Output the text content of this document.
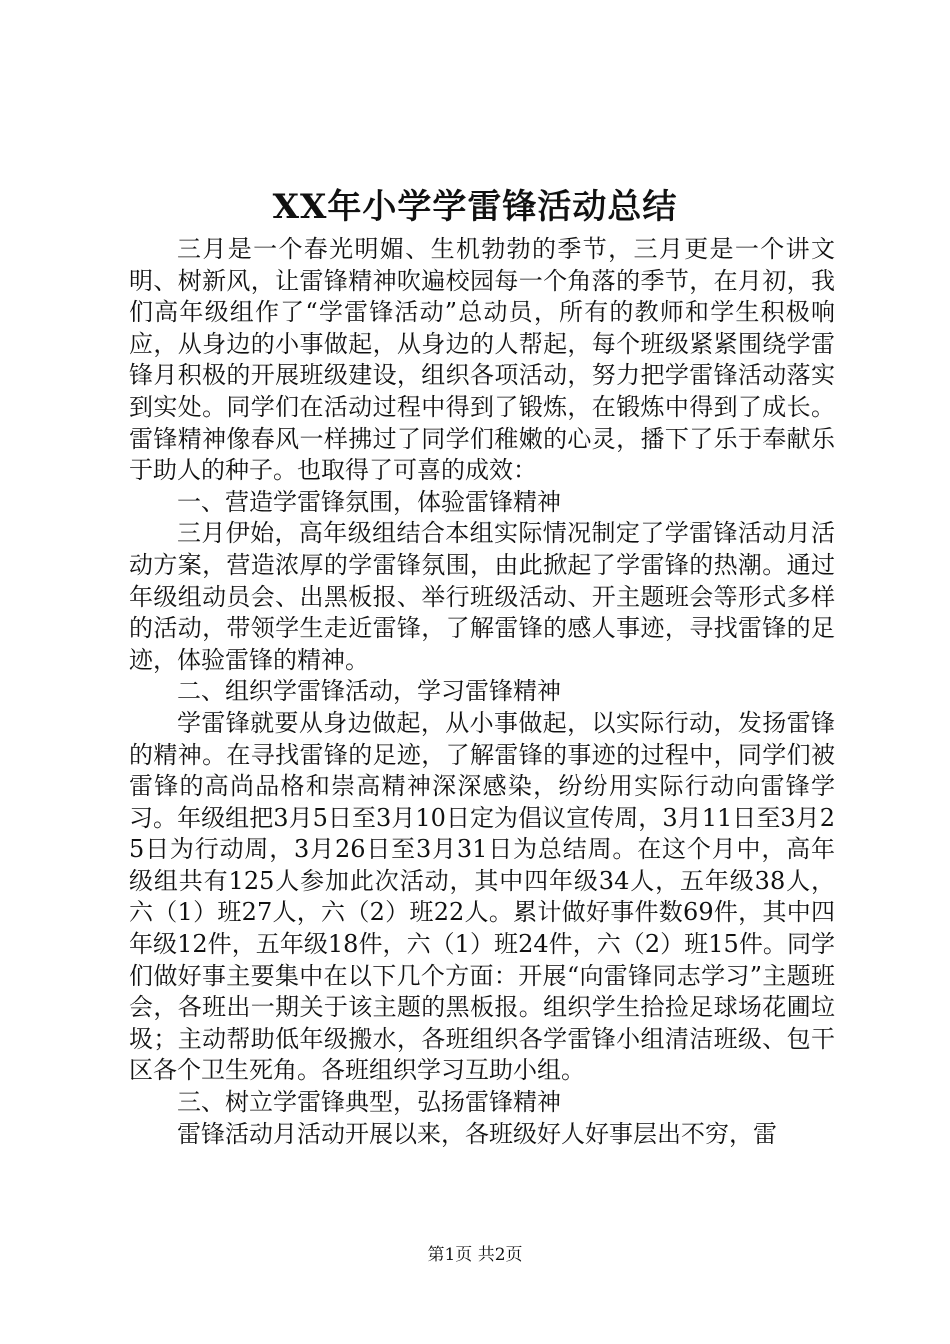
XX年小学学雷锋活动总结

三月是一个春光明媚、生机勃勃的季节，三月更是一个讲文明、树新风，让雷锋精神吹遍校园每一个角落的季节，在月初，我们高年级组作了“学雷锋活动”总动员，所有的教师和学生积极响应，从身边的小事做起，从身边的人帮起，每个班级紧紧围绕学雷锋月积极的开展班级建设，组织各项活动，努力把学雷锋活动落实到实处。同学们在活动过程中得到了锻炼，在锻炼中得到了成长。雷锋精神像春风一样拂过了同学们稚嫩的心灵，播下了乐于奉献乐于助人的种子。也取得了可喜的成效：

一、营造学雷锋氛围，体验雷锋精神

三月伊始，高年级组结合本组实际情况制定了学雷锋活动月活动方案，营造浓厚的学雷锋氛围，由此掀起了学雷锋的热潮。通过年级组动员会、出黑板报、举行班级活动、开主题班会等形式多样的活动，带领学生走近雷锋，了解雷锋的感人事迹，寻找雷锋的足迹，体验雷锋的精神。

二、组织学雷锋活动，学习雷锋精神

学雷锋就要从身边做起，从小事做起，以实际行动，发扬雷锋的精神。在寻找雷锋的足迹，了解雷锋的事迹的过程中，同学们被雷锋的高尚品格和崇高精神深深感染，纷纷用实际行动向雷锋学习。年级组把3月5日至3月10日定为倡议宣传周，3月11日至3月25日为行动周，3月26日至3月31日为总结周。在这个月中，高年级组共有125人参加此次活动，其中四年级34人，五年级38人，六（1）班27人，六（2）班22人。累计做好事件数69件，其中四年级12件，五年级18件，六（1）班24件，六（2）班15件。同学们做好事主要集中在以下几个方面：开展“向雷锋同志学习”主题班会，各班出一期关于该主题的黑板报。组织学生拾捡足球场花圃垃圾；主动帮助低年级搬水，各班组织各学雷锋小组清洁班级、包干区各个卫生死角。各班组织学习互助小组。

三、树立学雷锋典型，弘扬雷锋精神

雷锋活动月活动开展以来，各班级好人好事层出不穷，雷

第1页 共2页
